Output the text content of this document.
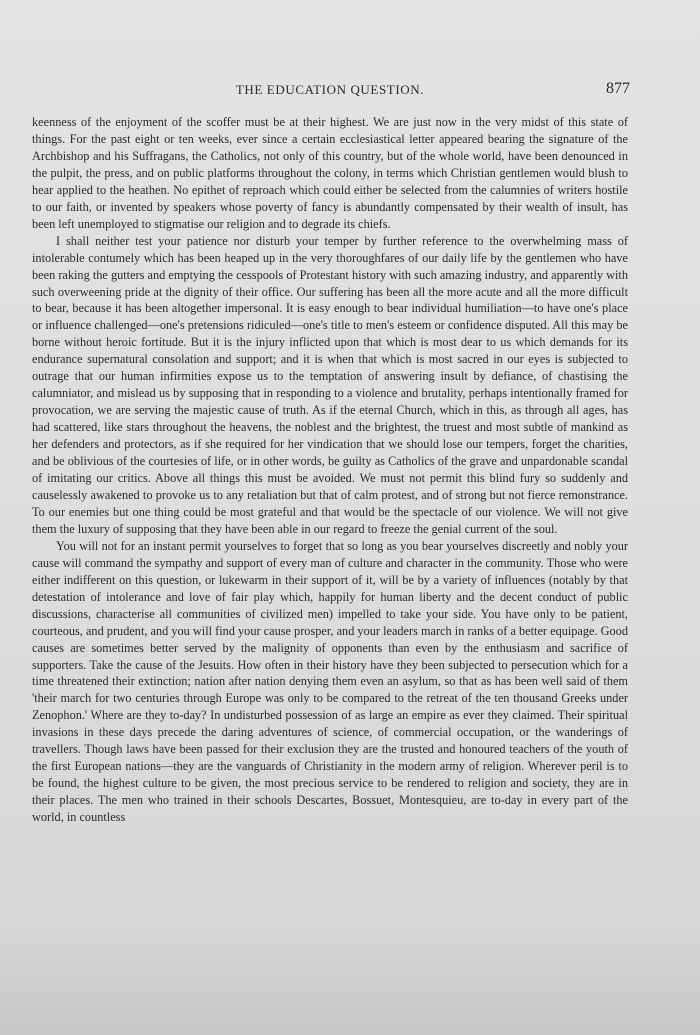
THE EDUCATION QUESTION.	877

keenness of the enjoyment of the scoffer must be at their highest. We are just now in the very midst of this state of things. For the past eight or ten weeks, ever since a certain ecclesiastical letter appeared bearing the signature of the Archbishop and his Suffragans, the Catholics, not only of this country, but of the whole world, have been denounced in the pulpit, the press, and on public platforms throughout the colony, in terms which Christian gentlemen would blush to hear applied to the heathen. No epithet of reproach which could either be selected from the calumnies of writers hostile to our faith, or invented by speakers whose poverty of fancy is abundantly compensated by their wealth of insult, has been left unemployed to stigmatise our religion and to degrade its chiefs.

I shall neither test your patience nor disturb your temper by further reference to the overwhelming mass of intolerable contumely which has been heaped up in the very thoroughfares of our daily life by the gentlemen who have been raking the gutters and emptying the cesspools of Protestant history with such amazing industry, and apparently with such overweening pride at the dignity of their office. Our suffering has been all the more acute and all the more difficult to bear, because it has been altogether impersonal. It is easy enough to bear individual humiliation—to have one's place or influence challenged—one's pretensions ridiculed—one's title to men's esteem or confidence disputed. All this may be borne without heroic fortitude. But it is the injury inflicted upon that which is most dear to us which demands for its endurance supernatural consolation and support; and it is when that which is most sacred in our eyes is subjected to outrage that our human infirmities expose us to the temptation of answering insult by defiance, of chastising the calumniator, and mislead us by supposing that in responding to a violence and brutality, perhaps intentionally framed for provocation, we are serving the majestic cause of truth. As if the eternal Church, which in this, as through all ages, has had scattered, like stars throughout the heavens, the noblest and the brightest, the truest and most subtle of mankind as her defenders and protectors, as if she required for her vindication that we should lose our tempers, forget the charities, and be oblivious of the courtesies of life, or in other words, be guilty as Catholics of the grave and unpardonable scandal of imitating our critics. Above all things this must be avoided. We must not permit this blind fury so suddenly and causelessly awakened to provoke us to any retaliation but that of calm protest, and of strong but not fierce remonstrance. To our enemies but one thing could be most grateful and that would be the spectacle of our violence. We will not give them the luxury of supposing that they have been able in our regard to freeze the genial current of the soul.

You will not for an instant permit yourselves to forget that so long as you bear yourselves discreetly and nobly your cause will command the sympathy and support of every man of culture and character in the community. Those who were either indifferent on this question, or lukewarm in their support of it, will be by a variety of influences (notably by that detestation of intolerance and love of fair play which, happily for human liberty and the decent conduct of public discussions, characterise all communities of civilized men) impelled to take your side. You have only to be patient, courteous, and prudent, and you will find your cause prosper, and your leaders march in ranks of a better equipage. Good causes are sometimes better served by the malignity of opponents than even by the enthusiasm and sacrifice of supporters. Take the cause of the Jesuits. How often in their history have they been subjected to persecution which for a time threatened their extinction; nation after nation denying them even an asylum, so that as has been well said of them 'their march for two centuries through Europe was only to be compared to the retreat of the ten thousand Greeks under Zenophon.' Where are they to-day? In undisturbed possession of as large an empire as ever they claimed. Their spiritual invasions in these days precede the daring adventures of science, of commercial occupation, or the wanderings of travellers. Though laws have been passed for their exclusion they are the trusted and honoured teachers of the youth of the first European nations—they are the vanguards of Christianity in the modern army of religion. Wherever peril is to be found, the highest culture to be given, the most precious service to be rendered to religion and society, they are in their places. The men who trained in their schools Descartes, Bossuet, Montesquieu, are to-day in every part of the world, in countless
